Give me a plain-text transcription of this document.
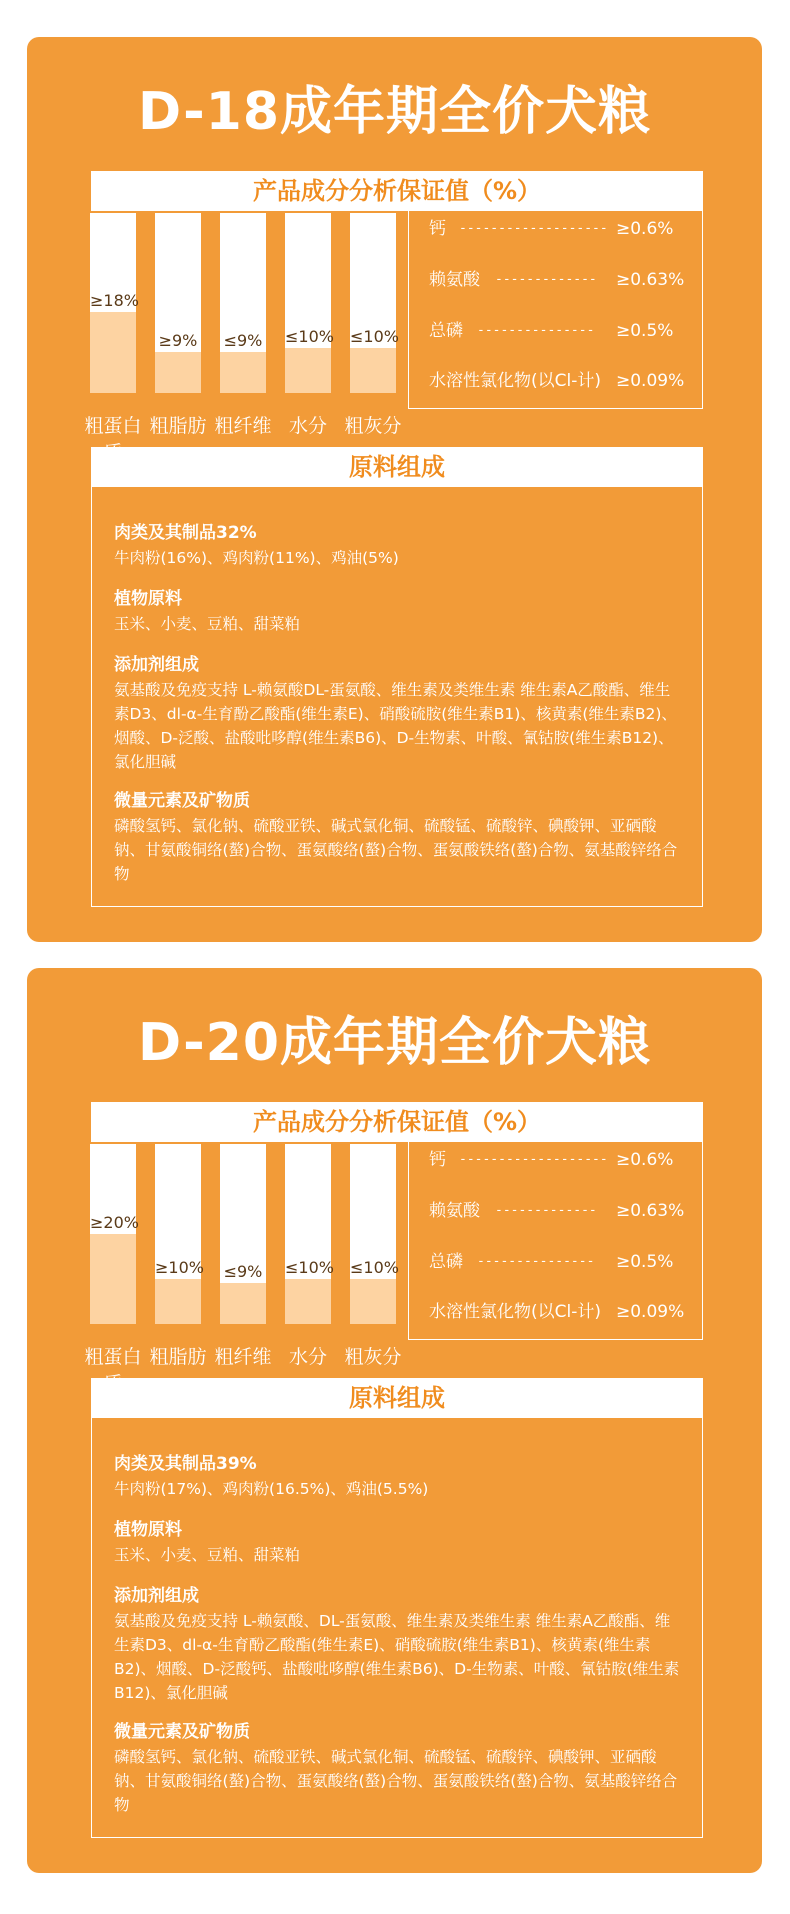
D-18成年期全价犬粮
产品成分分析保证值（%）
≥18%
≥9% ≤9% ≤10% ≤10%
粗蛋白 粗脂肪 粗纤维 水分 粗灰分
钙 ------------------- ≥0.6%
赖氨酸 ------------- ≥0.63%
总磷 --------------- ≥0.5%
水溶性氯化物(以Cl-计) ≥0.09%
原料组成
肉类及其制品32%
牛肉粉(16%)、鸡肉粉(11%)、鸡油(5%)
植物原料
玉米、小麦、豆粕、甜菜粕
添加剂组成
氨基酸及免疫支持 L-赖氨酸DL-蛋氨酸、维生素及类维生素 维生素A乙酸酯、维生素D3、dl-α-生育酚乙酸酯(维生素E)、硝酸硫胺(维生素B1)、核黄素(维生素B2)、烟酸、D-泛酸、盐酸吡哆醇(维生素B6)、D-生物素、叶酸、氰钴胺(维生素B12)、氯化胆碱
微量元素及矿物质
磷酸氢钙、氯化钠、硫酸亚铁、碱式氯化铜、硫酸锰、硫酸锌、碘酸钾、亚硒酸钠、甘氨酸铜络(螯)合物、蛋氨酸络(螯)合物、蛋氨酸铁络(螯)合物、氨基酸锌络合物
D-20成年期全价犬粮
产品成分分析保证值（%）
≥20%
≥10% ≤9% ≤10% ≤10%
粗蛋白 粗脂肪 粗纤维 水分 粗灰分
钙 ------------------- ≥0.6%
赖氨酸 ------------- ≥0.63%
总磷 --------------- ≥0.5%
水溶性氯化物(以Cl-计) ≥0.09%
原料组成
肉类及其制品39%
牛肉粉(17%)、鸡肉粉(16.5%)、鸡油(5.5%)
植物原料
玉米、小麦、豆粕、甜菜粕
添加剂组成
氨基酸及免疫支持 L-赖氨酸、DL-蛋氨酸、维生素及类维生素 维生素A乙酸酯、维生素D3、dl-α-生育酚乙酸酯(维生素E)、硝酸硫胺(维生素B1)、核黄素(维生素B2)、烟酸、D-泛酸钙、盐酸吡哆醇(维生素B6)、D-生物素、叶酸、氰钴胺(维生素B12)、氯化胆碱
微量元素及矿物质
磷酸氢钙、氯化钠、硫酸亚铁、碱式氯化铜、硫酸锰、硫酸锌、碘酸钾、亚硒酸钠、甘氨酸铜络(螯)合物、蛋氨酸络(螯)合物、蛋氨酸铁络(螯)合物、氨基酸锌络合物
